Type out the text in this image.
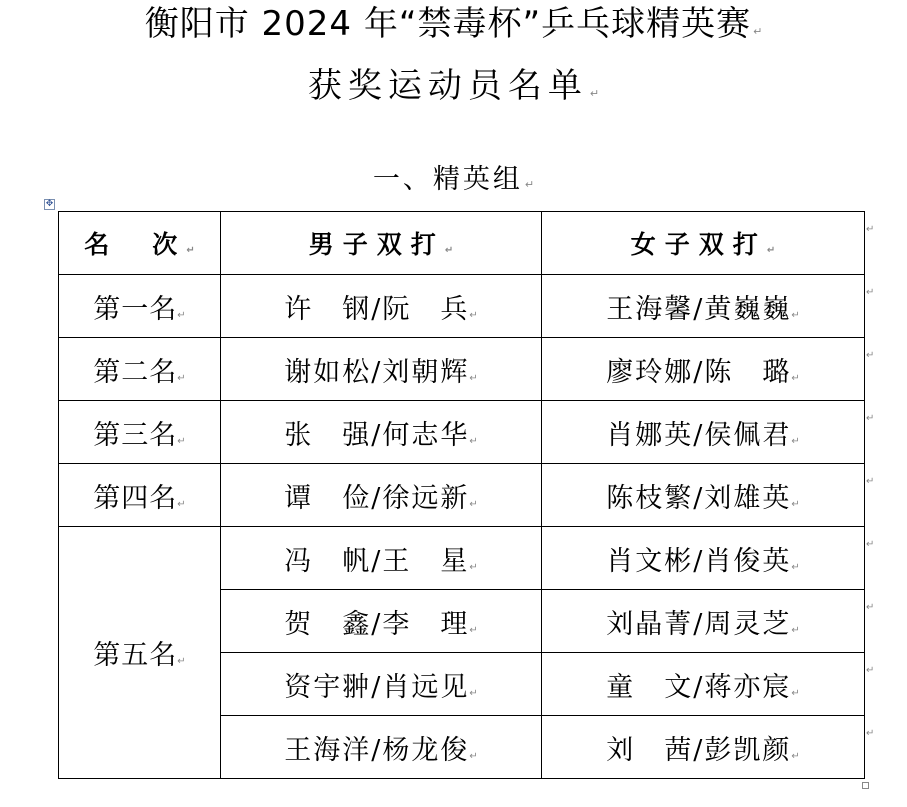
衡阳市 2024 年“禁毒杯”乒乓球精英赛 ↵
获奖运动员名单 ↵
一、精英组 ↵
✥
名　次↵	男子双打↵	女子双打↵
第一名↵	许　钢/阮　兵↵	王海馨/黄巍巍↵
第二名↵	谢如松/刘朝辉↵	廖玲娜/陈　璐↵
第三名↵	张　强/何志华↵	肖娜英/侯佩君↵
第四名↵	谭　俭/徐远新↵	陈枝繁/刘雄英↵
第五名↵	冯　帆/王　星↵	肖文彬/肖俊英↵
	贺　鑫/李　理↵	刘晶菁/周灵芝↵
	资宇翀/肖远见↵	童　文/蒋亦宸↵
	王海洋/杨龙俊↵	刘　茜/彭凯颜↵
↵
↵
↵
↵
↵
↵
↵
↵
↵
